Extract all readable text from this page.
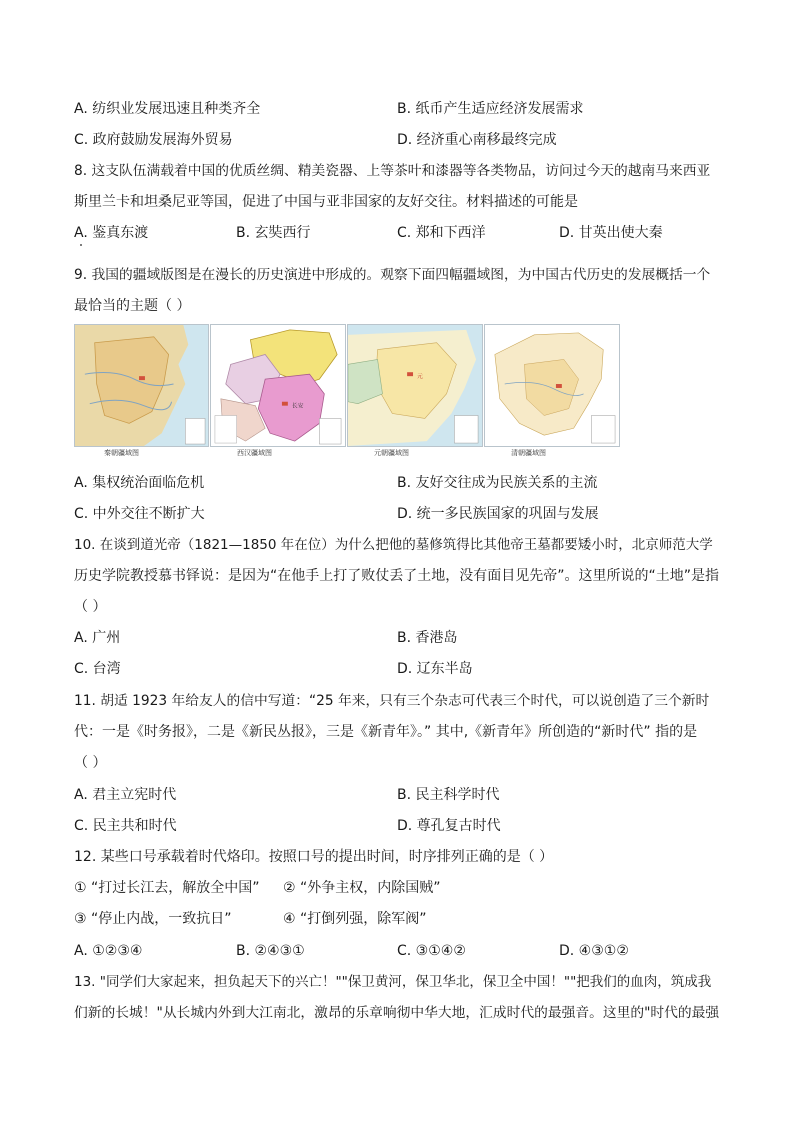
A. 纺织业发展迅速且种类齐全	B. 纸币产生适应经济发展需求
C. 政府鼓励发展海外贸易	D. 经济重心南移最终完成
8. 这支队伍满载着中国的优质丝绸、精美瓷器、上等茶叶和漆器等各类物品，访问过今天的越南马来西亚
斯里兰卡和坦桑尼亚等国，促进了中国与亚非国家的友好交往。材料描述的可能是
A. 鉴真东渡	B. 玄奘西行	C. 郑和下西洋	D. 甘英出使大秦
9. 我国的疆域版图是在漫长的历史演进中形成的。观察下面四幅疆域图，为中国古代历史的发展概括一个
最恰当的主题（ ）
秦朝疆域图
长安
西汉疆域图
元
元朝疆域图	清朝疆域图
A. 集权统治面临危机	B. 友好交往成为民族关系的主流
C. 中外交往不断扩大	D. 统一多民族国家的巩固与发展
10. 在谈到道光帝（1821—1850 年在位）为什么把他的墓修筑得比其他帝王墓都要矮小时，北京师范大学
历史学院教授慕书铎说：是因为“在他手上打了败仗丢了土地，没有面目见先帝”。这里所说的“土地”是指
（ ）
A. 广州	B. 香港岛
C. 台湾	D. 辽东半岛
11. 胡适 1923 年给友人的信中写道：“25 年来，只有三个杂志可代表三个时代，可以说创造了三个新时
代：一是《时务报》，二是《新民丛报》，三是《新青年》。” 其中,《新青年》所创造的“新时代” 指的是
（ ）
A. 君主立宪时代	B. 民主科学时代
C. 民主共和时代	D. 尊孔复古时代
12. 某些口号承载着时代烙印。按照口号的提出时间，时序排列正确的是（ ）
① “打过长江去，解放全中国” ② “外争主权，内除国贼”
③ “停止内战，一致抗日”	④ “打倒列强，除军阀”
A. ①②③④	B. ②④③①	C. ③①④②	D. ④③①②
13. "同学们大家起来，担负起天下的兴亡！""保卫黄河，保卫华北，保卫全中国！""把我们的血肉，筑成我
们新的长城！"从长城内外到大江南北，激昂的乐章响彻中华大地，汇成时代的最强音。这里的"时代的最强
